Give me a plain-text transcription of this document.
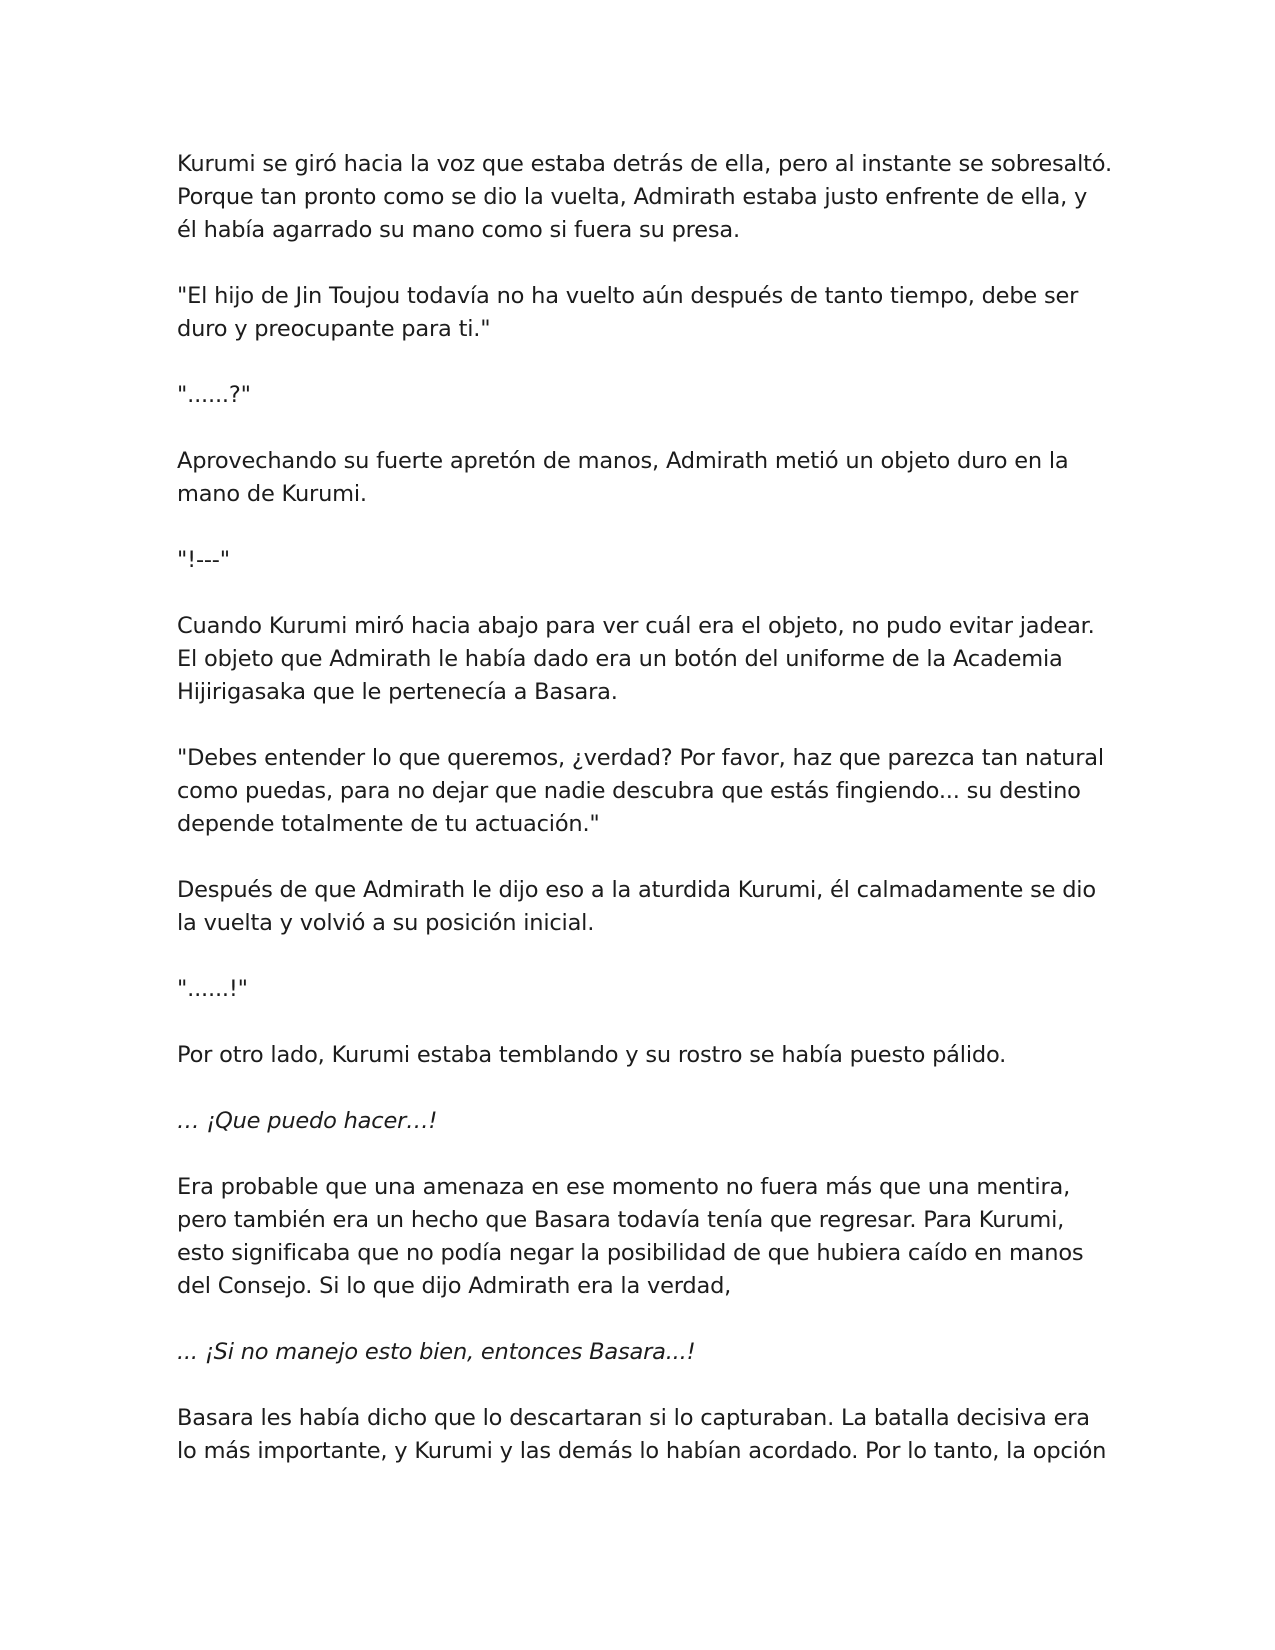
Kurumi se giró hacia la voz que estaba detrás de ella, pero al instante se sobresaltó. Porque tan pronto como se dio la vuelta, Admirath estaba justo enfrente de ella, y él había agarrado su mano como si fuera su presa.

"El hijo de Jin Toujou todavía no ha vuelto aún después de tanto tiempo, debe ser duro y preocupante para ti."

"......?"

Aprovechando su fuerte apretón de manos, Admirath metió un objeto duro en la mano de Kurumi.

"!---"

Cuando Kurumi miró hacia abajo para ver cuál era el objeto, no pudo evitar jadear. El objeto que Admirath le había dado era un botón del uniforme de la Academia Hijirigasaka que le pertenecía a Basara.

"Debes entender lo que queremos, ¿verdad? Por favor, haz que parezca tan natural como puedas, para no dejar que nadie descubra que estás fingiendo... su destino depende totalmente de tu actuación."

Después de que Admirath le dijo eso a la aturdida Kurumi, él calmadamente se dio la vuelta y volvió a su posición inicial.

"......!"

Por otro lado, Kurumi estaba temblando y su rostro se había puesto pálido.

… ¡Que puedo hacer…!

Era probable que una amenaza en ese momento no fuera más que una mentira, pero también era un hecho que Basara todavía tenía que regresar. Para Kurumi, esto significaba que no podía negar la posibilidad de que hubiera caído en manos del Consejo. Si lo que dijo Admirath era la verdad,

... ¡Si no manejo esto bien, entonces Basara...!

Basara les había dicho que lo descartaran si lo capturaban. La batalla decisiva era lo más importante, y Kurumi y las demás lo habían acordado. Por lo tanto, la opción
